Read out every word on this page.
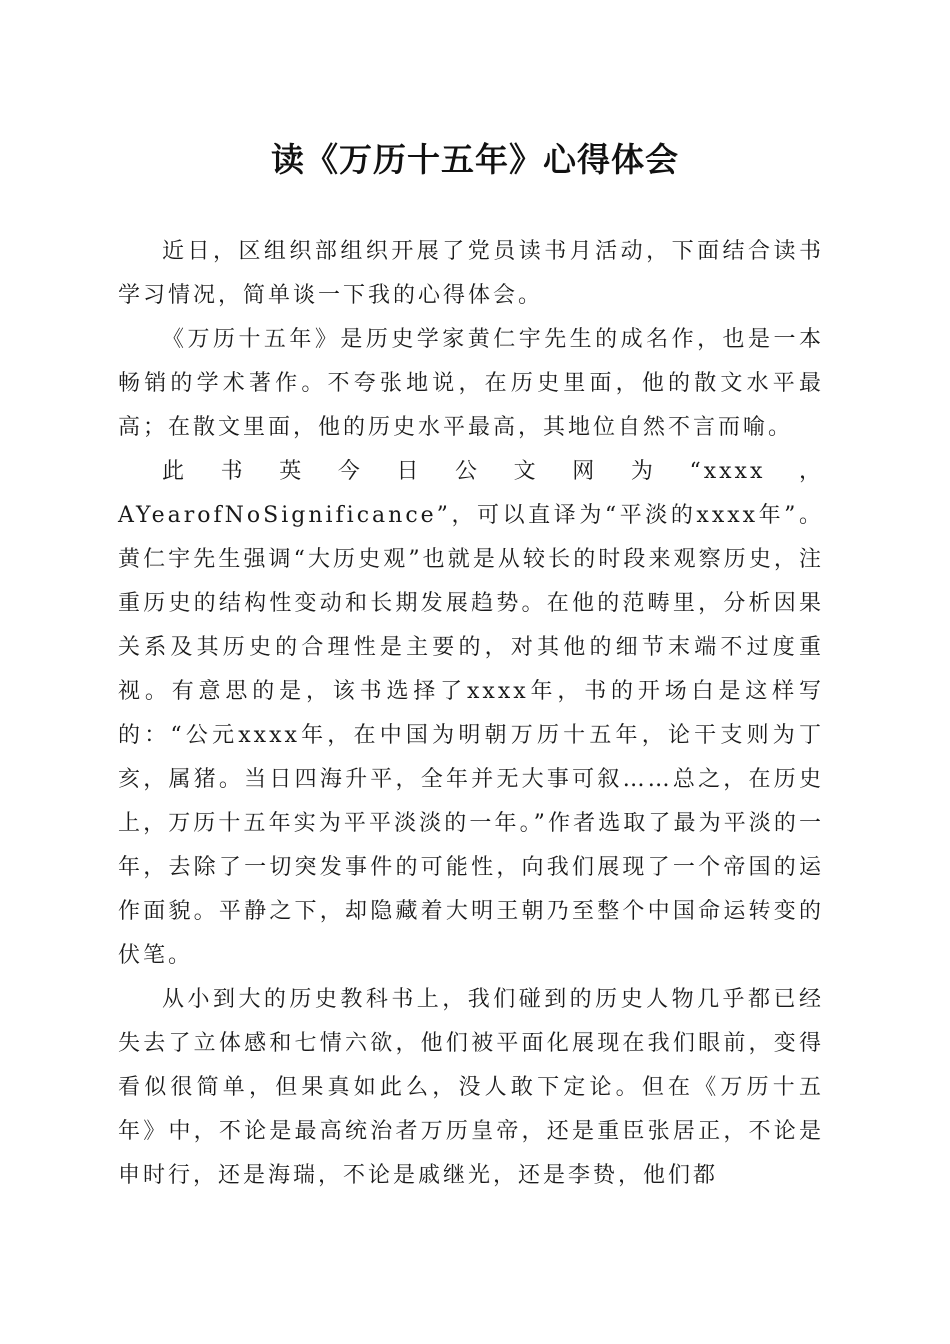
读《万历十五年》心得体会

近日，区组织部组织开展了党员读书月活动，下面结合读书学习情况，简单谈一下我的心得体会。

《万历十五年》是历史学家黄仁宇先生的成名作，也是一本畅销的学术著作。不夸张地说，在历史里面，他的散文水平最高；在散文里面，他的历史水平最高，其地位自然不言而喻。

此书英今日公文网为“xxxx，AYearofNoSignificance”，可以直译为“平淡的xxxx年”。黄仁宇先生强调“大历史观”也就是从较长的时段来观察历史，注重历史的结构性变动和长期发展趋势。在他的范畴里，分析因果关系及其历史的合理性是主要的，对其他的细节末端不过度重视。有意思的是，该书选择了xxxx年，书的开场白是这样写的：“公元xxxx年，在中国为明朝万历十五年，论干支则为丁亥，属猪。当日四海升平，全年并无大事可叙……总之，在历史上，万历十五年实为平平淡淡的一年。”作者选取了最为平淡的一年，去除了一切突发事件的可能性，向我们展现了一个帝国的运作面貌。平静之下，却隐藏着大明王朝乃至整个中国命运转变的伏笔。

从小到大的历史教科书上，我们碰到的历史人物几乎都已经失去了立体感和七情六欲，他们被平面化展现在我们眼前，变得看似很简单，但果真如此么，没人敢下定论。但在《万历十五年》中，不论是最高统治者万历皇帝，还是重臣张居正，不论是申时行，还是海瑞，不论是戚继光，还是李贽，他们都
